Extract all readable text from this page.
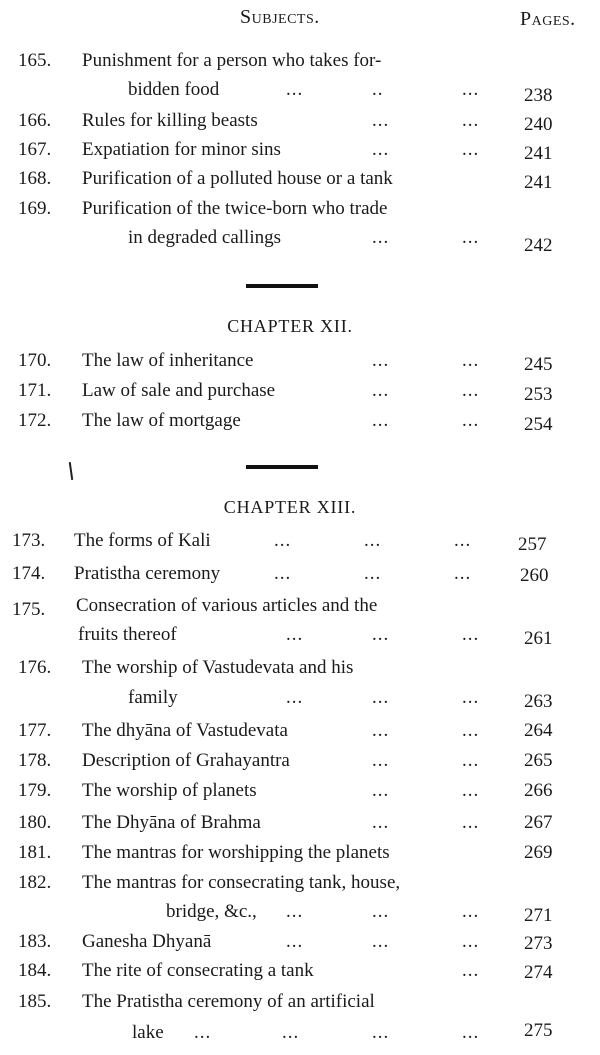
Subjects.	Pages.
165. Punishment for a person who takes for-
bidden food	...	..	... 238
166. Rules for killing beasts	...	... 240
167. Expatiation for minor sins	...	... 241
168. Purification of a polluted house or a tank	241
169. Purification of the twice-born who trade
in degraded callings	...	... 242
CHAPTER XII.
170. The law of inheritance	...	... 245
171. Law of sale and purchase	...	... 253
172. The law of mortgage	...	... 254
CHAPTER XIII.
173. The forms of Kali	...	...	... 257
174. Pratistha ceremony	...	...	...	260
175. Consecration of various articles and the
fruits thereof	...	...	... 261
176. The worship of Vastudevata and his
family	...	...	... 263
177. The dhyāna of Vastudevata	...	... 264
178. Description of Grahayantra	...	... 265
179. The worship of planets	...	... 266
180. The Dhyāna of Brahma	...	... 267
181. The mantras for worshipping the planets	269
182. The mantras for consecrating tank, house,
bridge, &c., ...	...	... 271
183. Ganesha Dhyanā	...	...	... 273
184. The rite of consecrating a tank	... 274
185. The Pratistha ceremony of an artificial
lake ...	...	...	... 275
